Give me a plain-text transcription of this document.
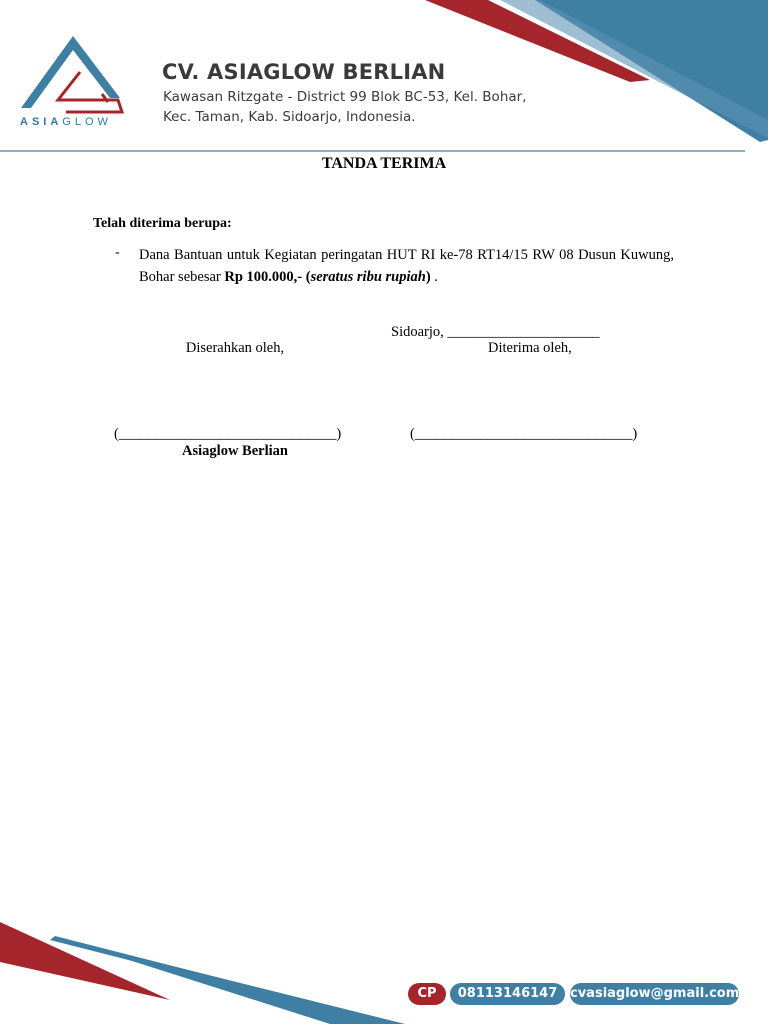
ASIAGLOW
CV. ASIAGLOW BERLIAN
Kawasan Ritzgate - District 99 Blok BC-53, Kel. Bohar,
Kec. Taman, Kab. Sidoarjo, Indonesia.
TANDA TERIMA
Telah diterima berupa:
- Dana Bantuan untuk Kegiatan peringatan HUT RI ke-78 RT14/15 RW 08 Dusun Kuwung, Bohar sebesar Rp 100.000,- (seratus ribu rupiah) .
Sidoarjo, _____________________
Diserahkan oleh,	Diterima oleh,
(______________________________)	(______________________________)
Asiaglow Berlian
CP	08113146147 cvasiaglow@gmail.com
